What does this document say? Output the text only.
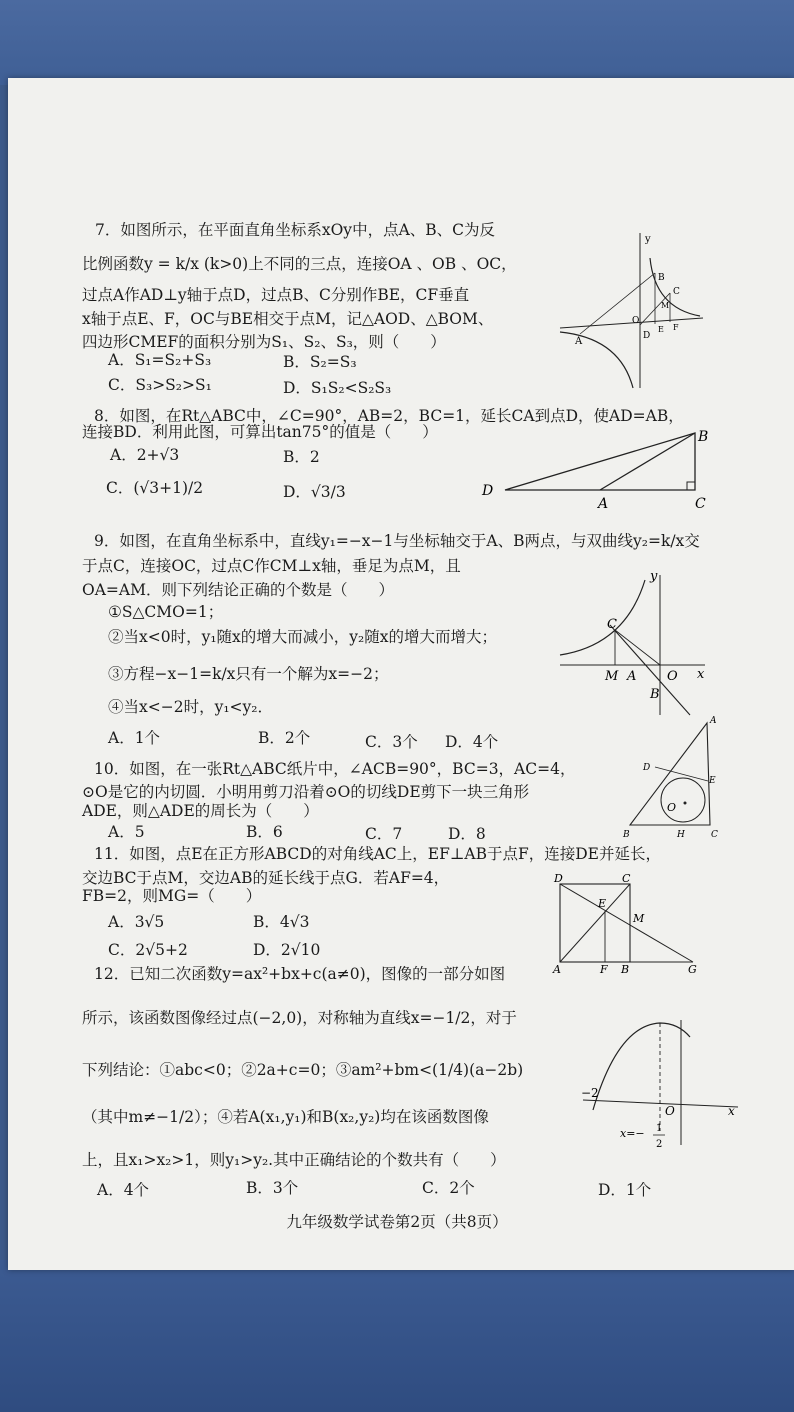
7．如图所示，在平面直角坐标系xOy中，点A、B、C为反
比例函数y = k/x (k>0)上不同的三点，连接OA 、OB 、OC，
过点A作AD⊥y轴于点D，过点B、C分别作BE，CF垂直
x轴于点E、F，OC与BE相交于点M，记△AOD、△BOM、
四边形CMEF的面积分别为S₁、S₂、S₃，则（　　）
A．S₁=S₂+S₃	B．S₂=S₃
C．S₃>S₂>S₁	D．S₁S₂<S₂S₃
y
A
B
C
D
O
E F
M
8．如图，在Rt△ABC中，∠C=90°，AB=2，BC=1，延长CA到点D，使AD=AB，
连接BD．利用此图，可算出tan75°的值是（　　）
A．2+√3	B．2
C．(√3+1)/2	D．√3/3
B
D
A	C
9．如图，在直角坐标系中，直线y₁=−x−1与坐标轴交于A、B两点，与双曲线y₂=k/x交
于点C，连接OC，过点C作CM⊥x轴，垂足为点M，且
OA=AM．则下列结论正确的个数是（　　）
①S△CMO=1；
②当x<0时，y₁随x的增大而减小，y₂随x的增大而增大；
③方程−x−1=k/x只有一个解为x=−2；
④当x<−2时，y₁<y₂．
A．1个	B．2个	C．3个 D．4个
y
C
M A O x
B
10．如图，在一张Rt△ABC纸片中，∠ACB=90°，BC=3，AC=4，
⊙O是它的内切圆．小明用剪刀沿着⊙O的切线DE剪下一块三角形
ADE，则△ADE的周长为（　　）
A．5	B．6	C．7	D．8
A
D
E
O
B	H	C
11．如图，点E在正方形ABCD的对角线AC上，EF⊥AB于点F，连接DE并延长，
交边BC于点M，交边AB的延长线于点G．若AF=4，
FB=2，则MG=（　　）
A．3√5	B．4√3
C．2√5+2	D．2√10
D	C
E
M
A	F B	G
12．已知二次函数y=ax²+bx+c(a≠0)，图像的一部分如图
所示，该函数图像经过点(−2,0)，对称轴为直线x=−1/2，对于
下列结论：①abc<0；②2a+c=0；③am²+bm<(1/4)(a−2b)
（其中m≠−1/2）；④若A(x₁,y₁)和B(x₂,y₂)均在该函数图像
上，且x₁>x₂>1，则y₁>y₂.其中正确结论的个数共有（　　）
A．4个	B．3个	C．2个	D．1个
−2
O	x
x=− 1
2
九年级数学试卷第2页（共8页）
